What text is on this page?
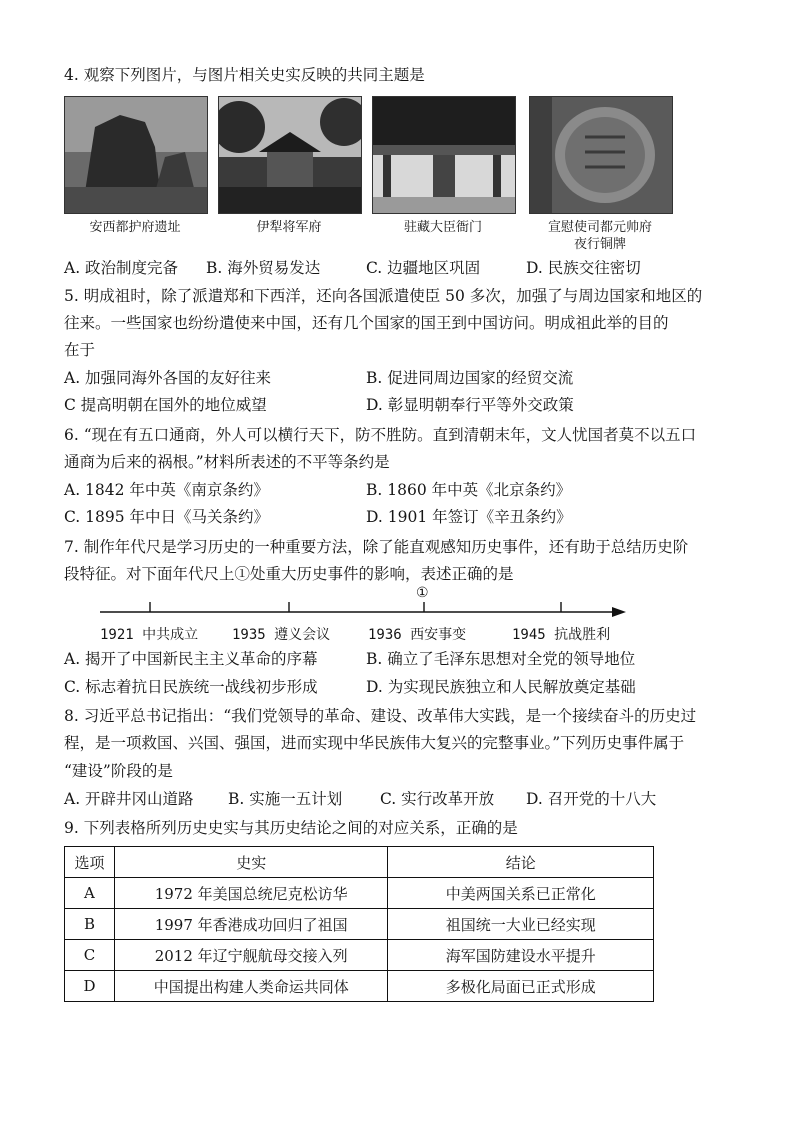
4. 观察下列图片，与图片相关史实反映的共同主题是
安西都护府遗址	伊犁将军府	驻藏大臣衙门	宣慰使司都元帅府
夜行铜牌
A. 政治制度完备 B. 海外贸易发达	C. 边疆地区巩固	D. 民族交往密切
5. 明成祖时，除了派遣郑和下西洋，还向各国派遣使臣 50 多次，加强了与周边国家和地区的
往来。一些国家也纷纷遣使来中国，还有几个国家的国王到中国访问。明成祖此举的目的
在于
A. 加强同海外各国的友好往来	B. 促进同周边国家的经贸交流
C 提高明朝在国外的地位威望	D. 彰显明朝奉行平等外交政策
6. “现在有五口通商，外人可以横行天下，防不胜防。直到清朝末年，文人忧国者莫不以五口
通商为后来的祸根。”材料所表述的不平等条约是
A. 1842 年中英《南京条约》	B. 1860 年中英《北京条约》
C. 1895 年中日《马关条约》	D. 1901 年签订《辛丑条约》
7. 制作年代尺是学习历史的一种重要方法，除了能直观感知历史事件，还有助于总结历史阶
段特征。对下面年代尺上①处重大历史事件的影响，表述正确的是
①
1921 中共成立 1935 遵义会议	1936 西安事变	1945 抗战胜利
A. 揭开了中国新民主主义革命的序幕	B. 确立了毛泽东思想对全党的领导地位
C. 标志着抗日民族统一战线初步形成	D. 为实现民族独立和人民解放奠定基础
8. 习近平总书记指出：“我们党领导的革命、建设、改革伟大实践，是一个接续奋斗的历史过
程，是一项救国、兴国、强国，进而实现中华民族伟大复兴的完整事业。”下列历史事件属于
“建设”阶段的是
A. 开辟井冈山道路 B. 实施一五计划 C. 实行改革开放 D. 召开党的十八大
9. 下列表格所列历史史实与其历史结论之间的对应关系，正确的是
选项	史实	结论
A	1972 年美国总统尼克松访华	中美两国关系已正常化
B	1997 年香港成功回归了祖国	祖国统一大业已经实现
C	2012 年辽宁舰航母交接入列	海军国防建设水平提升
D	中国提出构建人类命运共同体	多极化局面已正式形成
